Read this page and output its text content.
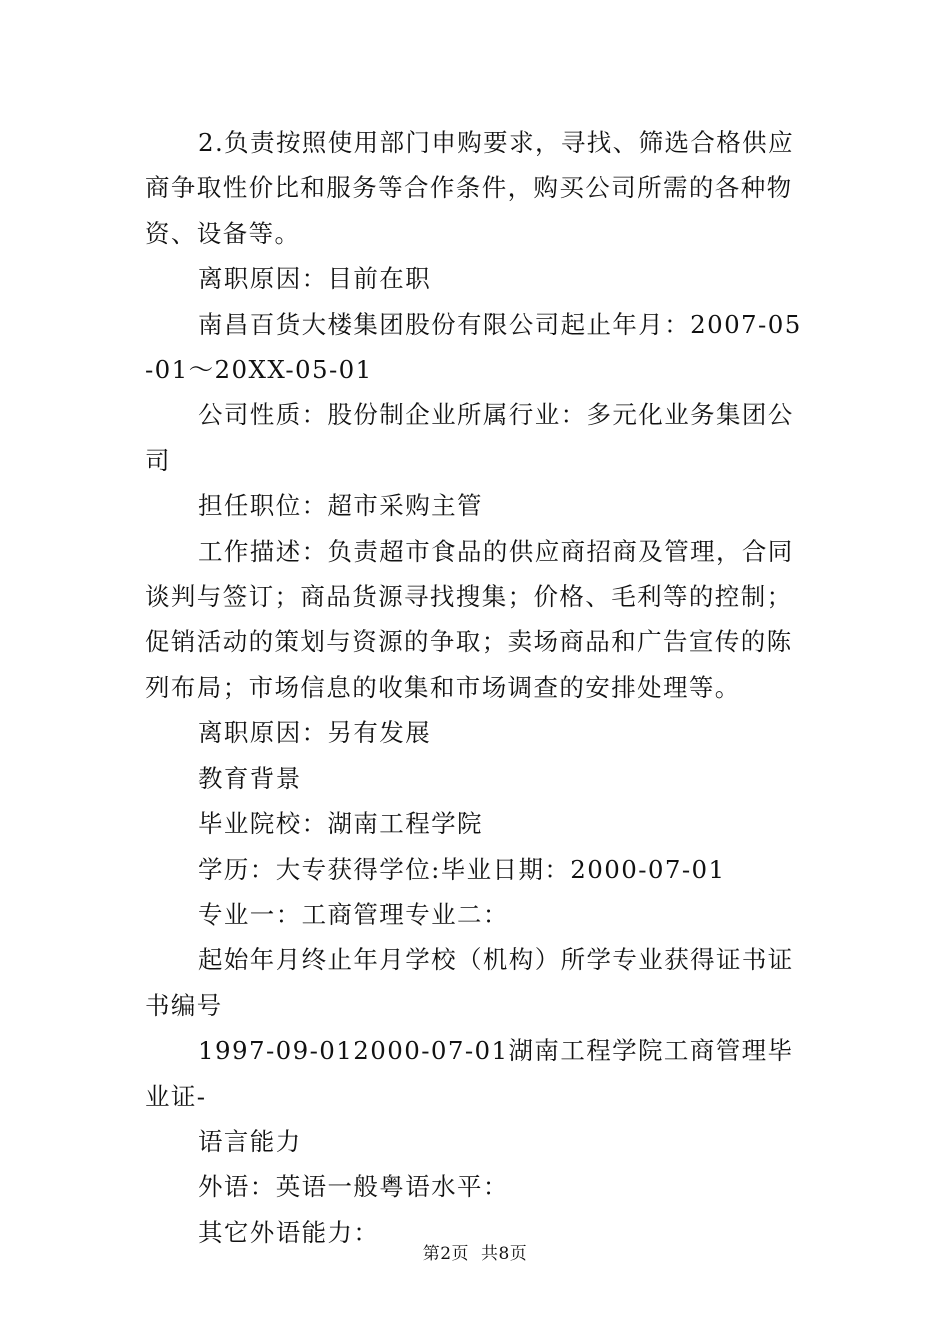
2.负责按照使用部门申购要求，寻找、筛选合格供应商争取性价比和服务等合作条件，购买公司所需的各种物资、设备等。

离职原因：目前在职

南昌百货大楼集团股份有限公司起止年月：2007-05-01～20XX-05-01

公司性质：股份制企业所属行业：多元化业务集团公司

担任职位：超市采购主管

工作描述：负责超市食品的供应商招商及管理，合同谈判与签订；商品货源寻找搜集；价格、毛利等的控制；促销活动的策划与资源的争取；卖场商品和广告宣传的陈列布局；市场信息的收集和市场调查的安排处理等。

离职原因：另有发展

教育背景

毕业院校：湖南工程学院

学历：大专获得学位:毕业日期：2000-07-01

专业一：工商管理专业二：

起始年月终止年月学校（机构）所学专业获得证书证书编号

1997-09-012000-07-01湖南工程学院工商管理毕业证-

语言能力

外语：英语一般粤语水平：

其它外语能力：

第2页 共8页
